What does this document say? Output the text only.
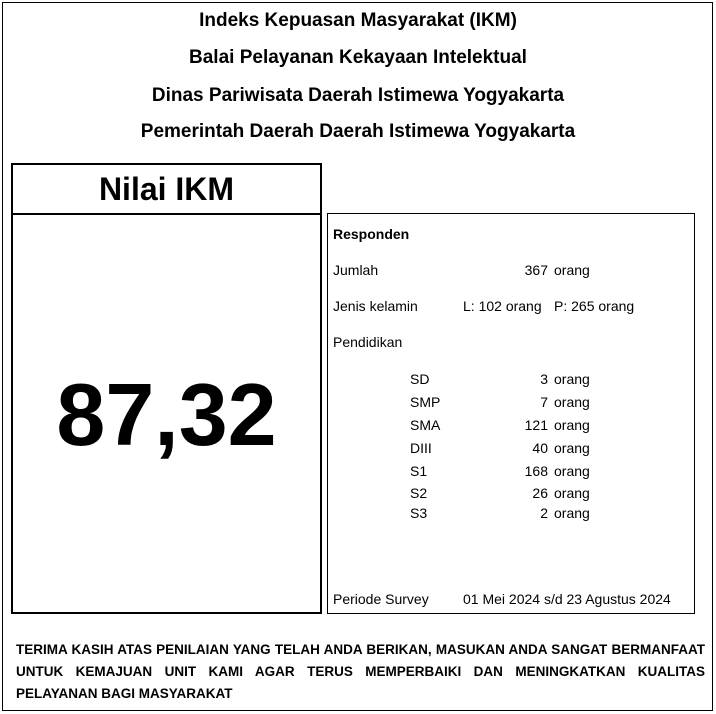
Indeks Kepuasan Masyarakat (IKM)
Balai Pelayanan Kekayaan Intelektual
Dinas Pariwisata Daerah Istimewa Yogyakarta
Pemerintah Daerah Daerah Istimewa Yogyakarta
Nilai IKM
87,32
Responden
Jumlah	367 orang
Jenis kelamin	L: 102 orang P: 265 orang
Pendidikan
SD	3 orang
SMP	7 orang
SMA	121 orang
DIII	40 orang
S1	168 orang
S2	26 orang
S3	2 orang
Periode Survey 01 Mei 2024 s/d 23 Agustus 2024
TERIMA KASIH ATAS PENILAIAN YANG TELAH ANDA BERIKAN, MASUKAN ANDA SANGAT BERMANFAAT UNTUK KEMAJUAN UNIT KAMI AGAR TERUS MEMPERBAIKI DAN MENINGKATKAN KUALITAS PELAYANAN BAGI MASYARAKAT
